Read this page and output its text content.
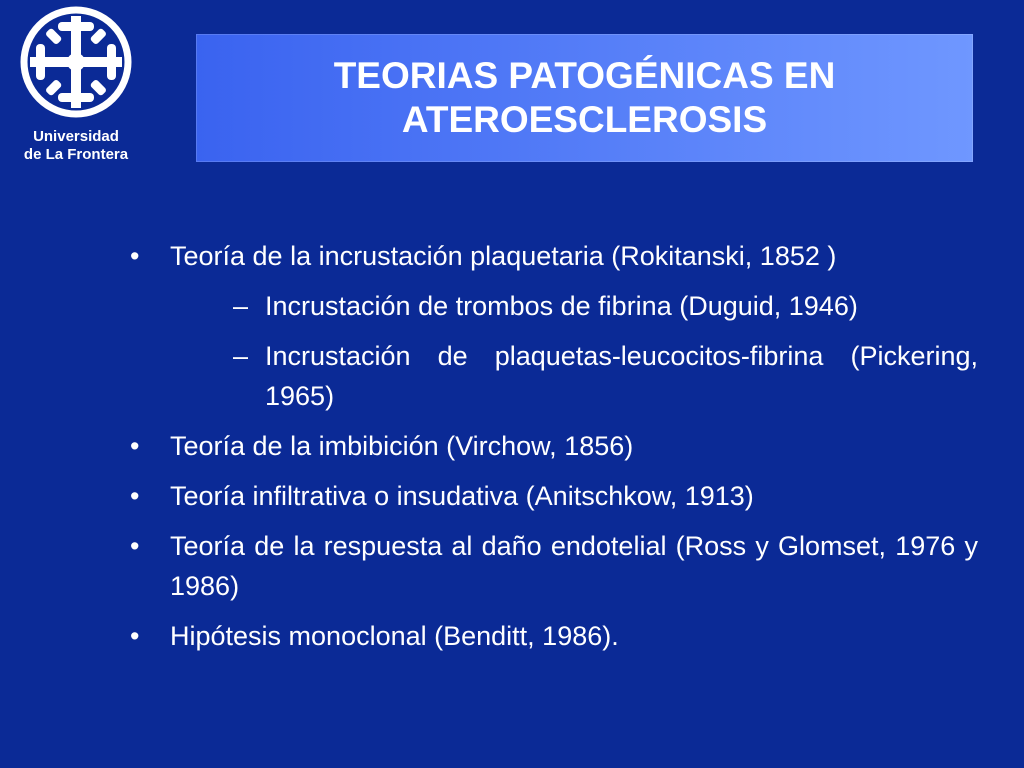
Universidad
de La Frontera
TEORIAS PATOGÉNICAS EN
ATEROESCLEROSIS
• Teoría de la incrustación plaquetaria (Rokitanski, 1852 )
– Incrustación de trombos de fibrina (Duguid, 1946)
– Incrustación de plaquetas-leucocitos-fibrina (Pickering, 1965)
• Teoría de la imbibición (Virchow, 1856)
• Teoría infiltrativa o insudativa (Anitschkow, 1913)
• Teoría de la respuesta al daño endotelial (Ross y Glomset, 1976 y 1986)
• Hipótesis monoclonal (Benditt, 1986).
